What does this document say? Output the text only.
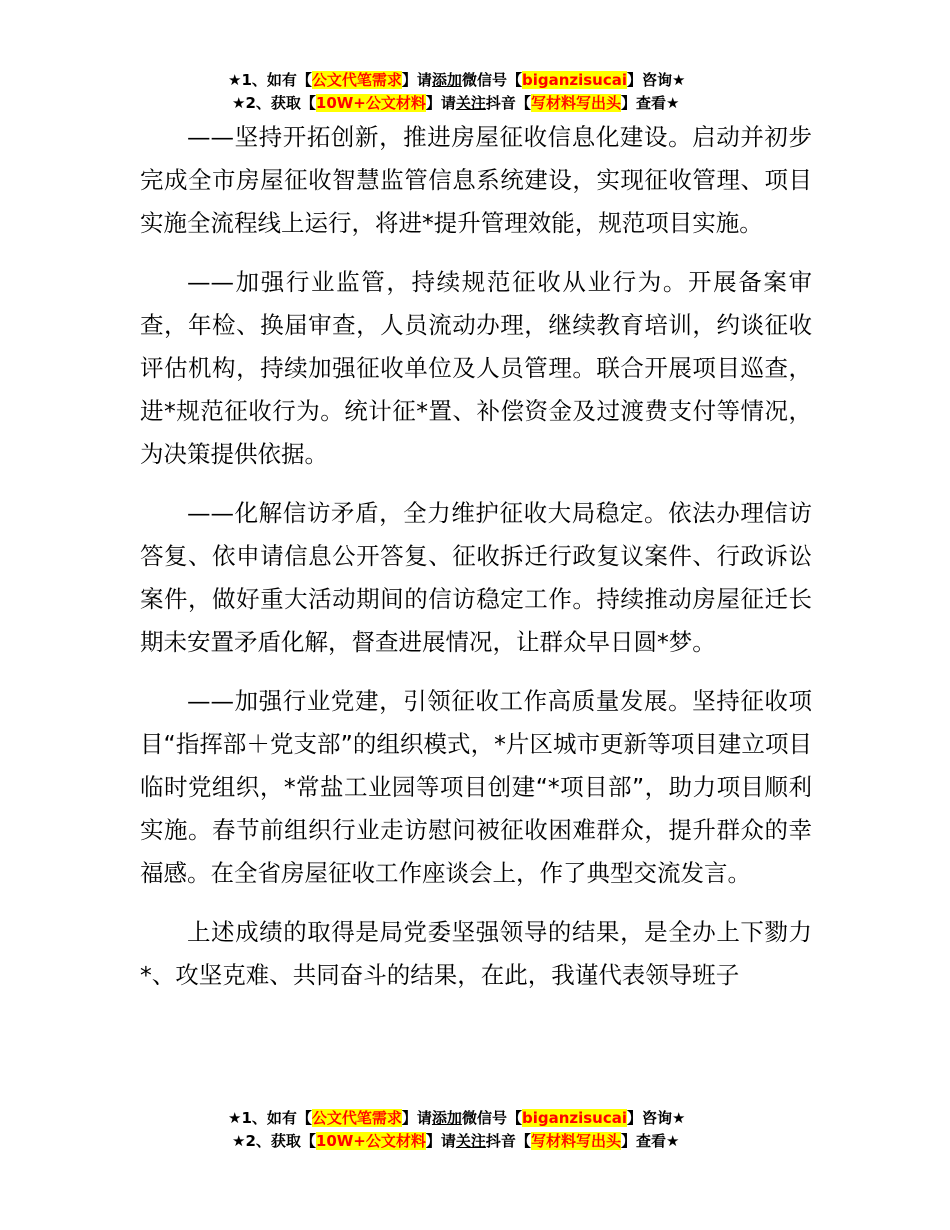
★1、如有【公文代笔需求】请添加微信号【biganzisucai】咨询★
★2、获取【10W+公文材料】请关注抖音【写材料写出头】查看★

——坚持开拓创新，推进房屋征收信息化建设。启动并初步完成全市房屋征收智慧监管信息系统建设，实现征收管理、项目实施全流程线上运行，将进*提升管理效能，规范项目实施。

——加强行业监管，持续规范征收从业行为。开展备案审查，年检、换届审查，人员流动办理，继续教育培训，约谈征收评估机构，持续加强征收单位及人员管理。联合开展项目巡查，进*规范征收行为。统计征*置、补偿资金及过渡费支付等情况，为决策提供依据。

——化解信访矛盾，全力维护征收大局稳定。依法办理信访答复、依申请信息公开答复、征收拆迁行政复议案件、行政诉讼案件，做好重大活动期间的信访稳定工作。持续推动房屋征迁长期未安置矛盾化解，督查进展情况，让群众早日圆*梦。

——加强行业党建，引领征收工作高质量发展。坚持征收项目“指挥部＋党支部”的组织模式，*片区城市更新等项目建立项目临时党组织，*常盐工业园等项目创建“*项目部”，助力项目顺利实施。春节前组织行业走访慰问被征收困难群众，提升群众的幸福感。在全省房屋征收工作座谈会上，作了典型交流发言。

上述成绩的取得是局党委坚强领导的结果，是全办上下勠力*、攻坚克难、共同奋斗的结果，在此，我谨代表领导班子

★1、如有【公文代笔需求】请添加微信号【biganzisucai】咨询★
★2、获取【10W+公文材料】请关注抖音【写材料写出头】查看★
